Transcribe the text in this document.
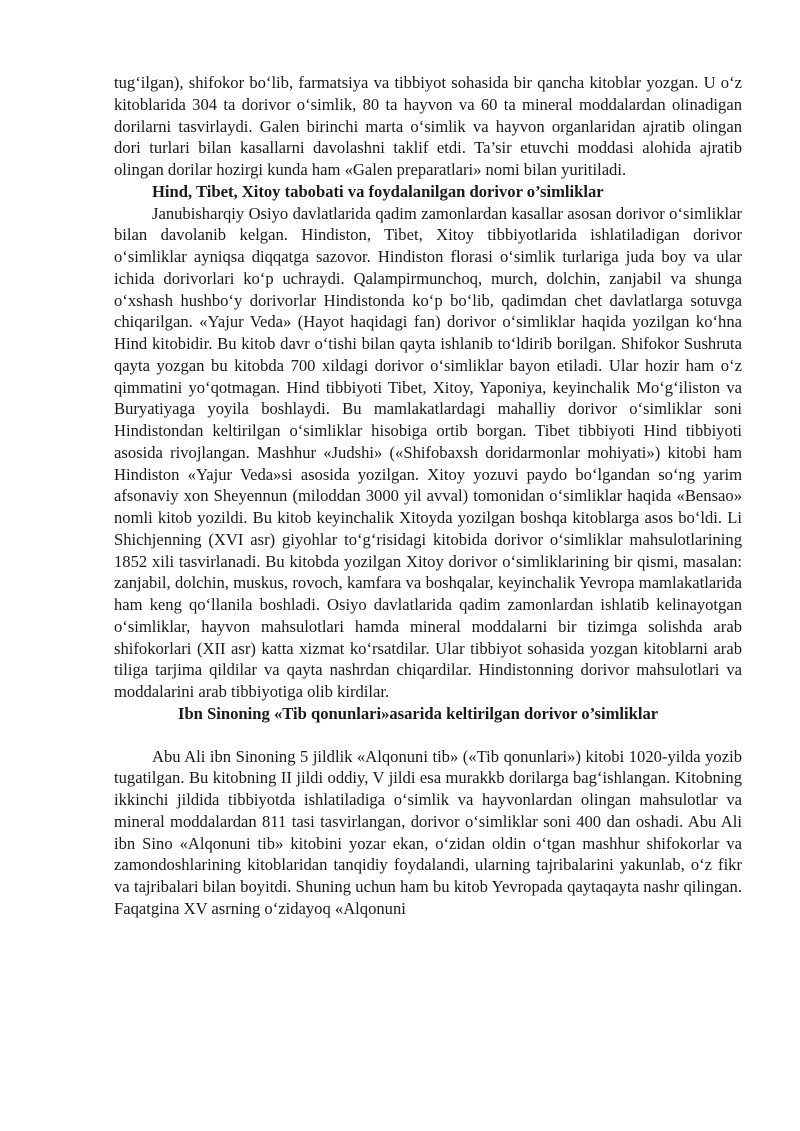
tug‘ilgan), shifokor bo‘lib, farmatsiya va tibbiyot sohasida bir qancha kitoblar yozgan. U o‘z kitoblarida 304 ta dorivor o‘simlik, 80 ta hayvon va 60 ta mineral moddalardan olinadigan dorilarni tasvirlaydi. Galen birinchi marta o‘simlik va hayvon organlaridan ajratib olingan dori turlari bilan kasallarni davolashni taklif etdi. Ta’sir etuvchi moddasi alohida ajratib olingan dorilar hozirgi kunda ham «Galen preparatlari» nomi bilan yuritiladi.

Hind, Tibet, Xitoy tabobati va foydalanilgan dorivor o’simliklar

Janubisharqiy Osiyo davlatlarida qadim zamonlardan kasallar asosan dorivor o‘simliklar bilan davolanib kelgan. Hindiston, Tibet, Xitoy tibbiyotlarida ishlatiladigan dorivor o‘simliklar ayniqsa diqqatga sazovor. Hindiston florasi o‘simlik turlariga juda boy va ular ichida dorivorlari ko‘p uchraydi. Qalampirmunchoq, murch, dolchin, zanjabil va shunga o‘xshash hushbo‘y dorivorlar Hindistonda ko‘p bo‘lib, qadimdan chet davlatlarga sotuvga chiqarilgan. «Yajur Veda» (Hayot haqidagi fan) dorivor o‘simliklar haqida yozilgan ko‘hna Hind kitobidir. Bu kitob davr o‘tishi bilan qayta ishlanib to‘ldirib borilgan. Shifokor Sushruta qayta yozgan bu kitobda 700 xildagi dorivor o‘simliklar bayon etiladi. Ular hozir ham o‘z qimmatini yo‘qotmagan. Hind tibbiyoti Tibet, Xitoy, Yaponiya, keyinchalik Mo‘g‘iliston va Buryatiyaga yoyila boshlaydi. Bu mamlakatlardagi mahalliy dorivor o‘simliklar soni Hindistondan keltirilgan o‘simliklar hisobiga ortib borgan. Tibet tibbiyoti Hind tibbiyoti asosida rivojlangan. Mashhur «Judshi» («Shifobaxsh doridarmonlar mohiyati») kitobi ham Hindiston «Yajur Veda»si asosida yozilgan. Xitoy yozuvi paydo bo‘lgandan so‘ng yarim afsonaviy xon Sheyennun (miloddan 3000 yil avval) tomonidan o‘simliklar haqida «Bensao» nomli kitob yozildi. Bu kitob keyinchalik Xitoyda yozilgan boshqa kitoblarga asos bo‘ldi. Li Shichjenning (XVI asr) giyohlar to‘g‘risidagi kitobida dorivor o‘simliklar mahsulotlarining 1852 xili tasvirlanadi. Bu kitobda yozilgan Xitoy dorivor o‘simliklarining bir qismi, masalan: zanjabil, dolchin, muskus, rovoch, kamfara va boshqalar, keyinchalik Yevropa mamlakatlarida ham keng qo‘llanila boshladi. Osiyo davlatlarida qadim zamonlardan ishlatib kelinayotgan o‘simliklar, hayvon mahsulotlari hamda mineral moddalarni bir tizimga solishda arab shifokorlari (XII asr) katta xizmat ko‘rsatdilar. Ular tibbiyot sohasida yozgan kitoblarni arab tiliga tarjima qildilar va qayta nashrdan chiqardilar. Hindistonning dorivor mahsulotlari va moddalarini arab tibbiyotiga olib kirdilar.

Ibn Sinoning «Tib qonunlari»asarida keltirilgan dorivor o’simliklar

Abu Ali ibn Sinoning 5 jildlik «Alqonuni tib» («Tib qonunlari») kitobi 1020-yilda yozib tugatilgan. Bu kitobning II jildi oddiy, V jildi esa murakkb dorilarga bag‘ishlangan. Kitobning ikkinchi jildida tibbiyotda ishlatiladiga o‘simlik va hayvonlardan olingan mahsulotlar va mineral moddalardan 811 tasi tasvirlangan, dorivor o‘simliklar soni 400 dan oshadi. Abu Ali ibn Sino «Alqonuni tib» kitobini yozar ekan, o‘zidan oldin o‘tgan mashhur shifokorlar va zamondoshlarining kitoblaridan tanqidiy foydalandi, ularning tajribalarini yakunlab, o‘z fikr va tajribalari bilan boyitdi. Shuning uchun ham bu kitob Yevropada qaytaqayta nashr qilingan. Faqatgina XV asrning o‘zidayoq «Alqonuni
